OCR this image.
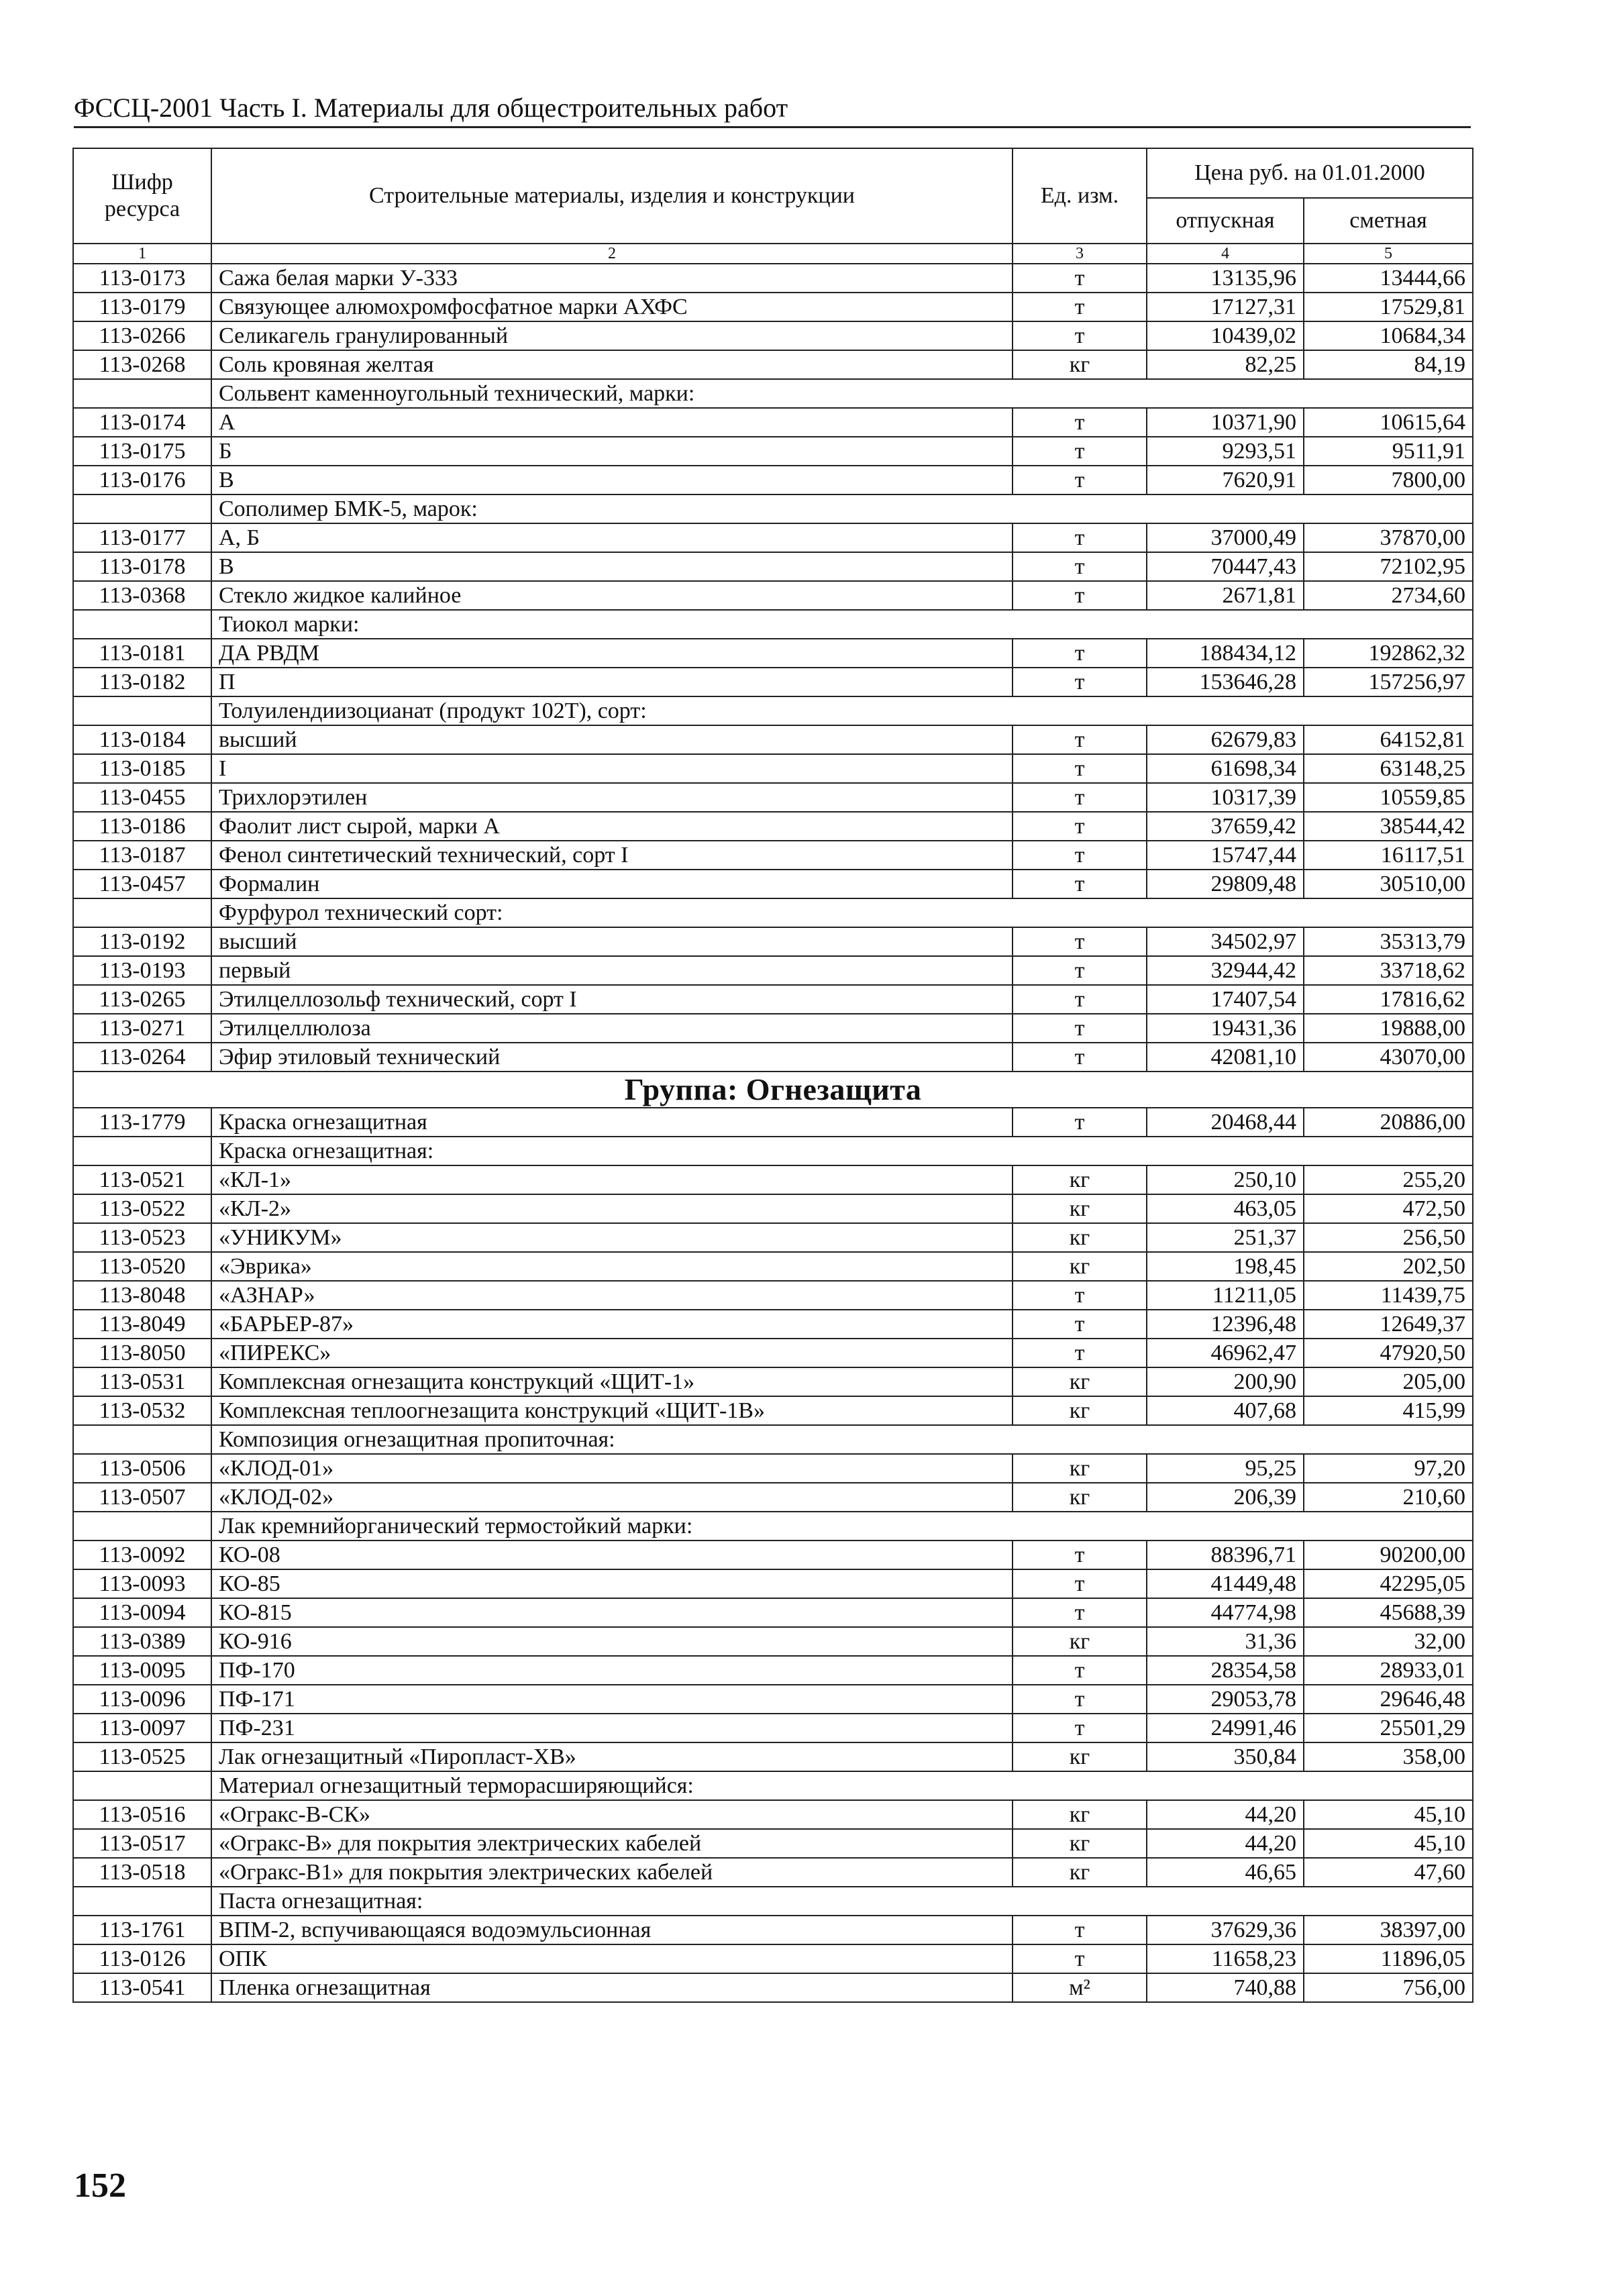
ФССЦ-2001 Часть I. Материалы для общестроительных работ
Шифр ресурса	Строительные материалы, изделия и конструкции	Ед. изм.	Цена руб. на 01.01.2000	
			отпускная	сметная
1	2	3	4	5
113-0173	Сажа белая марки У-333	т	13135,96	13444,66
113-0179	Связующее алюмохромфосфатное марки АХФС	т	17127,31	17529,81
113-0266	Селикагель гранулированный	т	10439,02	10684,34
113-0268	Соль кровяная желтая	кг	82,25	84,19
	Сольвент каменноугольный технический, марки:			
113-0174	А	т	10371,90	10615,64
113-0175	Б	т	9293,51	9511,91
113-0176	В	т	7620,91	7800,00
	Сополимер БМК-5, марок:			
113-0177	А, Б	т	37000,49	37870,00
113-0178	В	т	70447,43	72102,95
113-0368	Стекло жидкое калийное	т	2671,81	2734,60
	Тиокол марки:			
113-0181	ДА РВДМ	т	188434,12	192862,32
113-0182	П	т	153646,28	157256,97
	Толуилендиизоцианат (продукт 102Т), сорт:			
113-0184	высший	т	62679,83	64152,81
113-0185	I	т	61698,34	63148,25
113-0455	Трихлорэтилен	т	10317,39	10559,85
113-0186	Фаолит лист сырой, марки А	т	37659,42	38544,42
113-0187	Фенол синтетический технический, сорт I	т	15747,44	16117,51
113-0457	Формалин	т	29809,48	30510,00
	Фурфурол технический сорт:			
113-0192	высший	т	34502,97	35313,79
113-0193	первый	т	32944,42	33718,62
113-0265	Этилцеллозольф технический, сорт I	т	17407,54	17816,62
113-0271	Этилцеллюлоза	т	19431,36	19888,00
113-0264	Эфир этиловый технический	т	42081,10	43070,00
Группа: Огнезащита				
113-1779	Краска огнезащитная	т	20468,44	20886,00
	Краска огнезащитная:			
113-0521	«КЛ-1»	кг	250,10	255,20
113-0522	«КЛ-2»	кг	463,05	472,50
113-0523	«УНИКУМ»	кг	251,37	256,50
113-0520	«Эврика»	кг	198,45	202,50
113-8048	«АЗНАР»	т	11211,05	11439,75
113-8049	«БАРЬЕР-87»	т	12396,48	12649,37
113-8050	«ПИРЕКС»	т	46962,47	47920,50
113-0531	Комплексная огнезащита конструкций «ЩИТ-1»	кг	200,90	205,00
113-0532	Комплексная теплоогнезащита конструкций «ЩИТ-1В»	кг	407,68	415,99
	Композиция огнезащитная пропиточная:			
113-0506	«КЛОД-01»	кг	95,25	97,20
113-0507	«КЛОД-02»	кг	206,39	210,60
	Лак кремнийорганический термостойкий марки:			
113-0092	КО-08	т	88396,71	90200,00
113-0093	КО-85	т	41449,48	42295,05
113-0094	КО-815	т	44774,98	45688,39
113-0389	КО-916	кг	31,36	32,00
113-0095	ПФ-170	т	28354,58	28933,01
113-0096	ПФ-171	т	29053,78	29646,48
113-0097	ПФ-231	т	24991,46	25501,29
113-0525	Лак огнезащитный «Пиропласт-ХВ»	кг	350,84	358,00
	Материал огнезащитный терморасширяющийся:			
113-0516	«Огракс-В-СК»	кг	44,20	45,10
113-0517	«Огракс-В» для покрытия электрических кабелей	кг	44,20	45,10
113-0518	«Огракс-В1» для покрытия электрических кабелей	кг	46,65	47,60
	Паста огнезащитная:			
113-1761	ВПМ-2, вспучивающаяся водоэмульсионная	т	37629,36	38397,00
113-0126	ОПК	т	11658,23	11896,05
113-0541	Пленка огнезащитная	м²	740,88	756,00
152
